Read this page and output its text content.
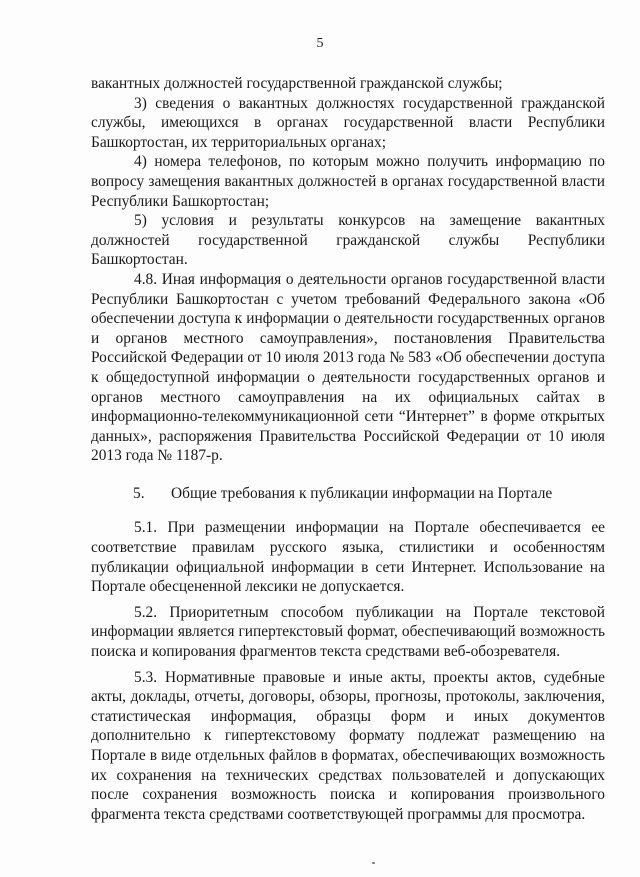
5

вакантных должностей государственной гражданской службы;

3) сведения о вакантных должностях государственной гражданской службы, имеющихся в органах государственной власти Республики Башкортостан, их территориальных органах;

4) номера телефонов, по которым можно получить информацию по вопросу замещения вакантных должностей в органах государственной власти Республики Башкортостан;

5) условия и результаты конкурсов на замещение вакантных должностей государственной гражданской службы Республики Башкортостан.

4.8. Иная информация о деятельности органов государственной власти Республики Башкортостан с учетом требований Федерального закона «Об обеспечении доступа к информации о деятельности государственных органов и органов местного самоуправления», постановления Правительства Российской Федерации от 10 июля 2013 года № 583 «Об обеспечении доступа к общедоступной информации о деятельности государственных органов и органов местного самоуправления на их официальных сайтах в информационно-телекоммуникационной сети “Интернет” в форме открытых данных», распоряжения Правительства Российской Федерации от 10 июля 2013 года № 1187-р.

5. Общие требования к публикации информации на Портале

5.1. При размещении информации на Портале обеспечивается ее соответствие правилам русского языка, стилистики и особенностям публикации официальной информации в сети Интернет. Использование на Портале обесцененной лексики не допускается.

5.2. Приоритетным способом публикации на Портале текстовой информации является гипертекстовый формат, обеспечивающий возможность поиска и копирования фрагментов текста средствами веб-обозревателя.

5.3. Нормативные правовые и иные акты, проекты актов, судебные акты, доклады, отчеты, договоры, обзоры, прогнозы, протоколы, заключения, статистическая информация, образцы форм и иных документов дополнительно к гипертекстовому формату подлежат размещению на Портале в виде отдельных файлов в форматах, обеспечивающих возможность их сохранения на технических средствах пользователей и допускающих после сохранения возможность поиска и копирования произвольного фрагмента текста средствами соответствующей программы для просмотра.
